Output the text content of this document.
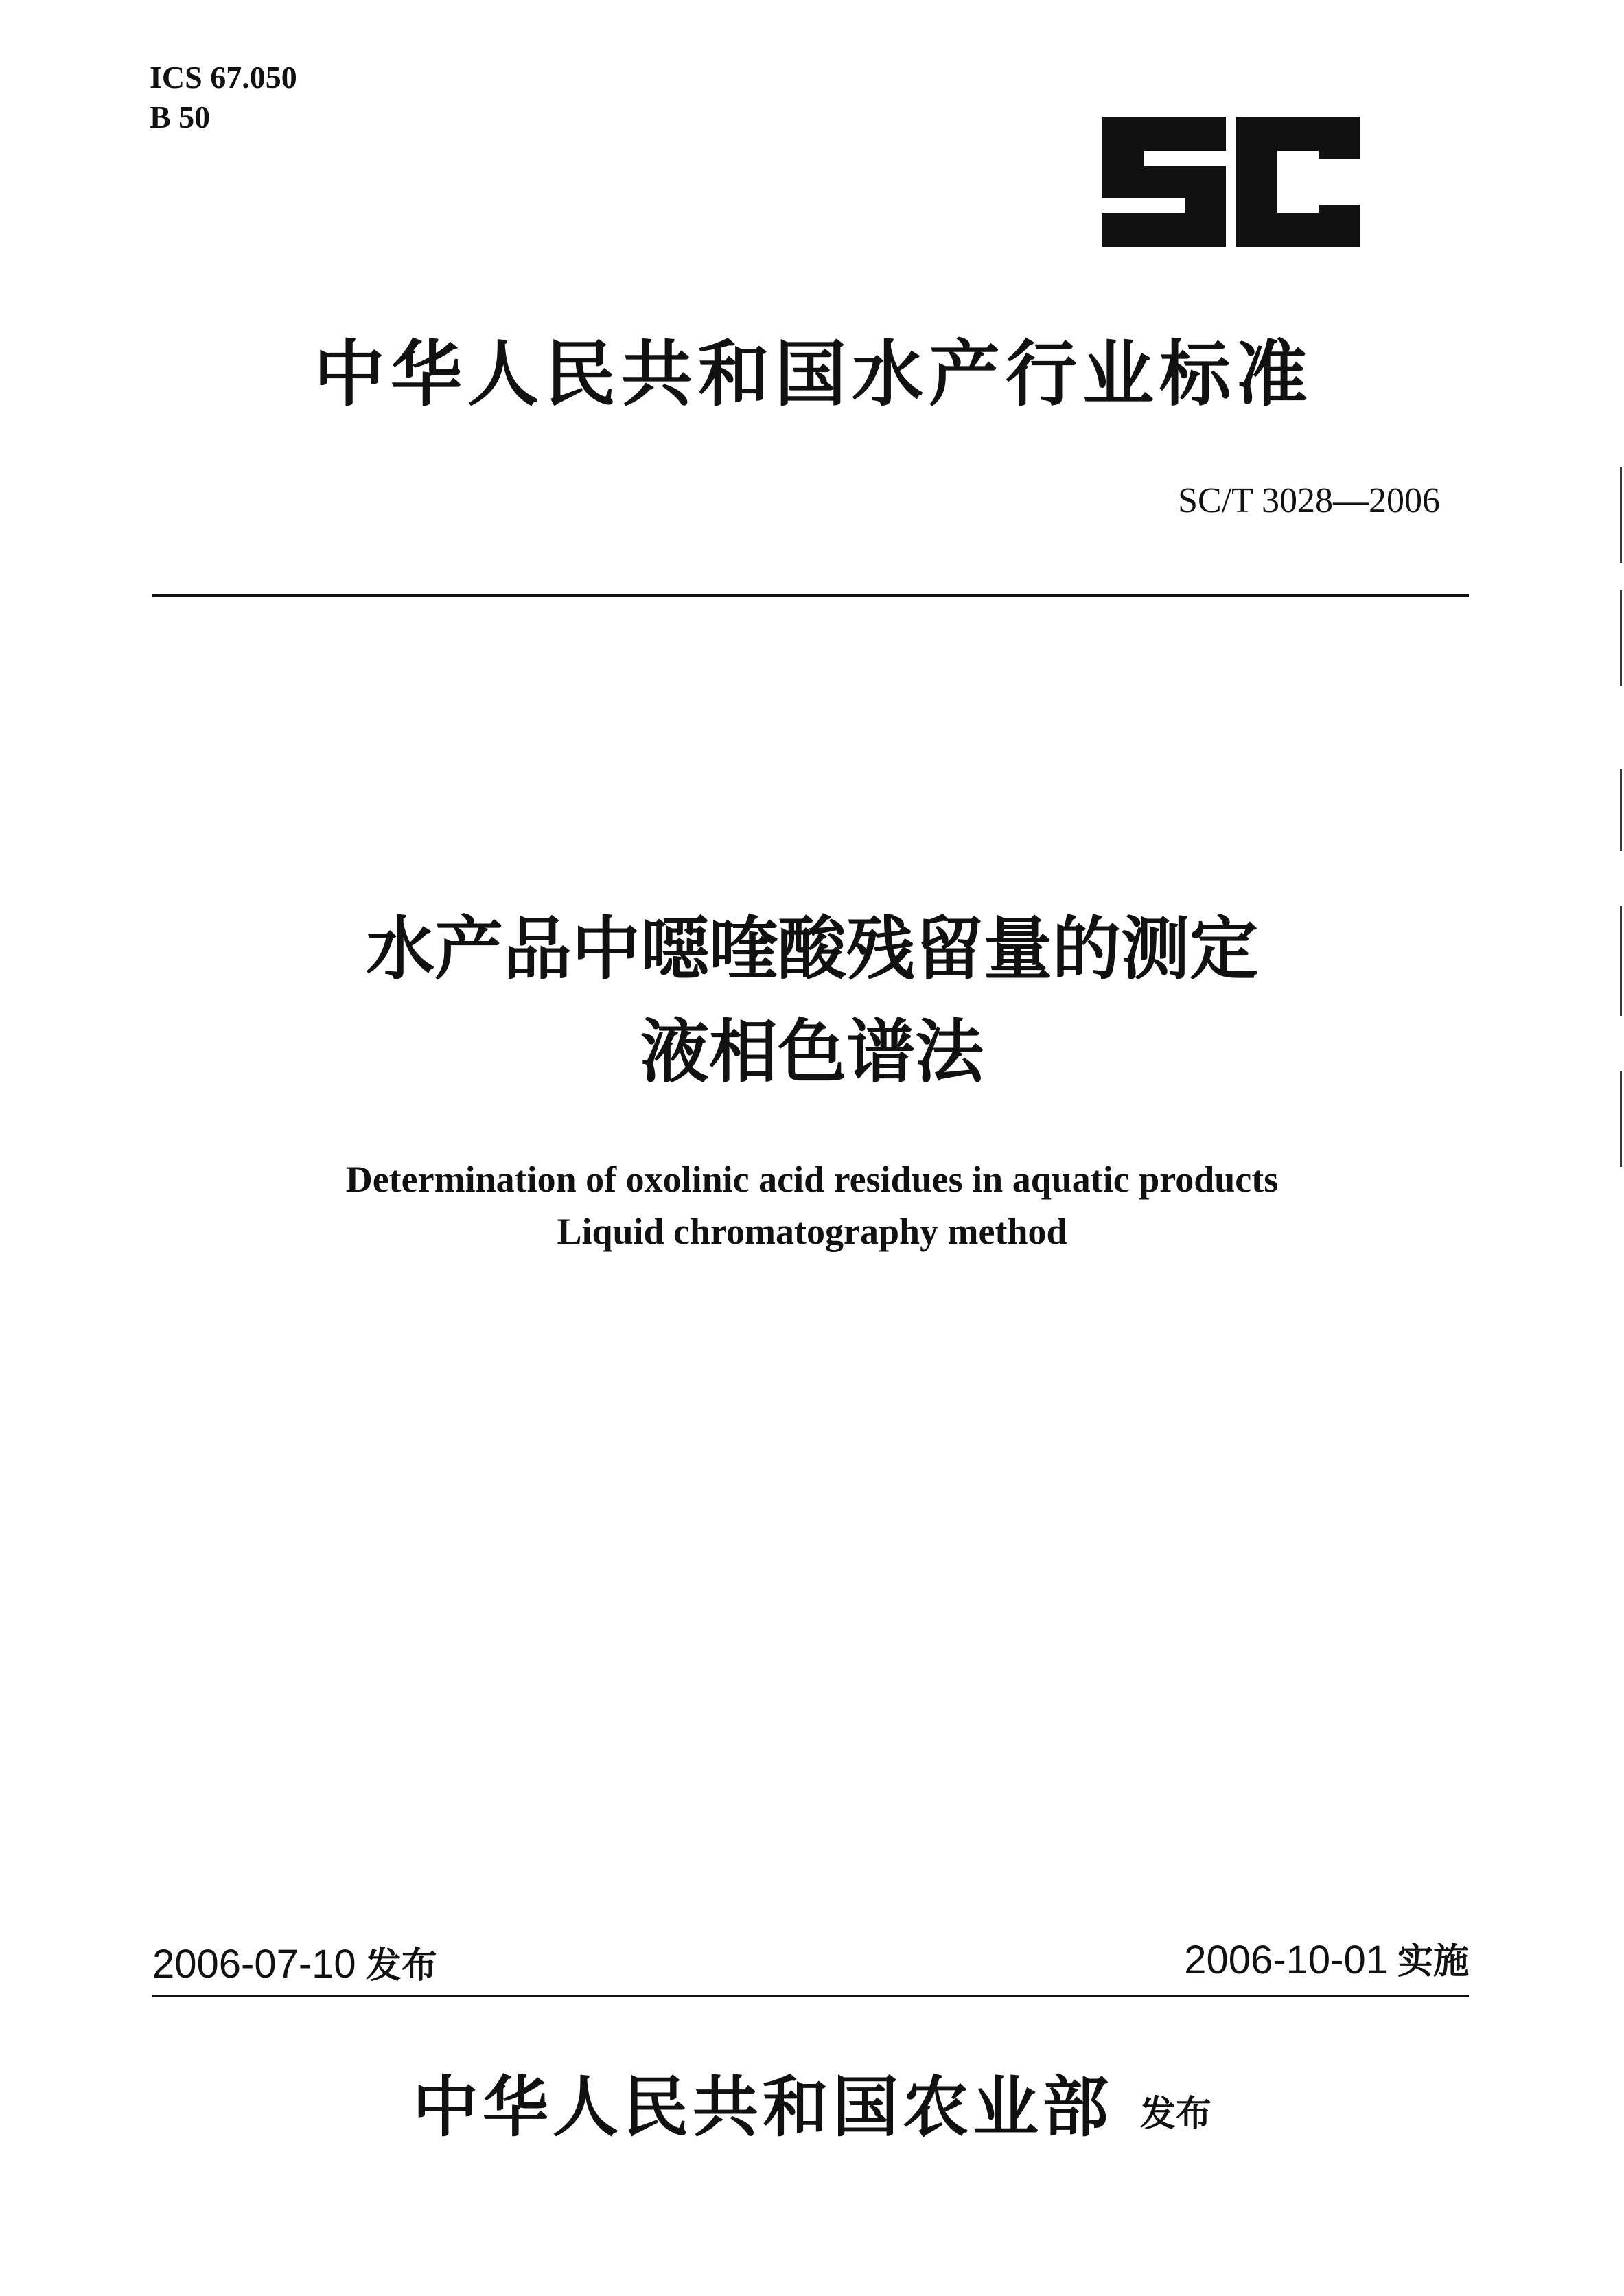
ICS 67.050
B 50
中华人民共和国水产行业标准
SC/T 3028—2006
水产品中噁喹酸残留量的测定
液相色谱法
Determination of oxolinic acid residues in aquatic products
Liquid chromatography method
2006-07-10 发布	2006-10-01 实施
中华人民共和国农业部 发布
